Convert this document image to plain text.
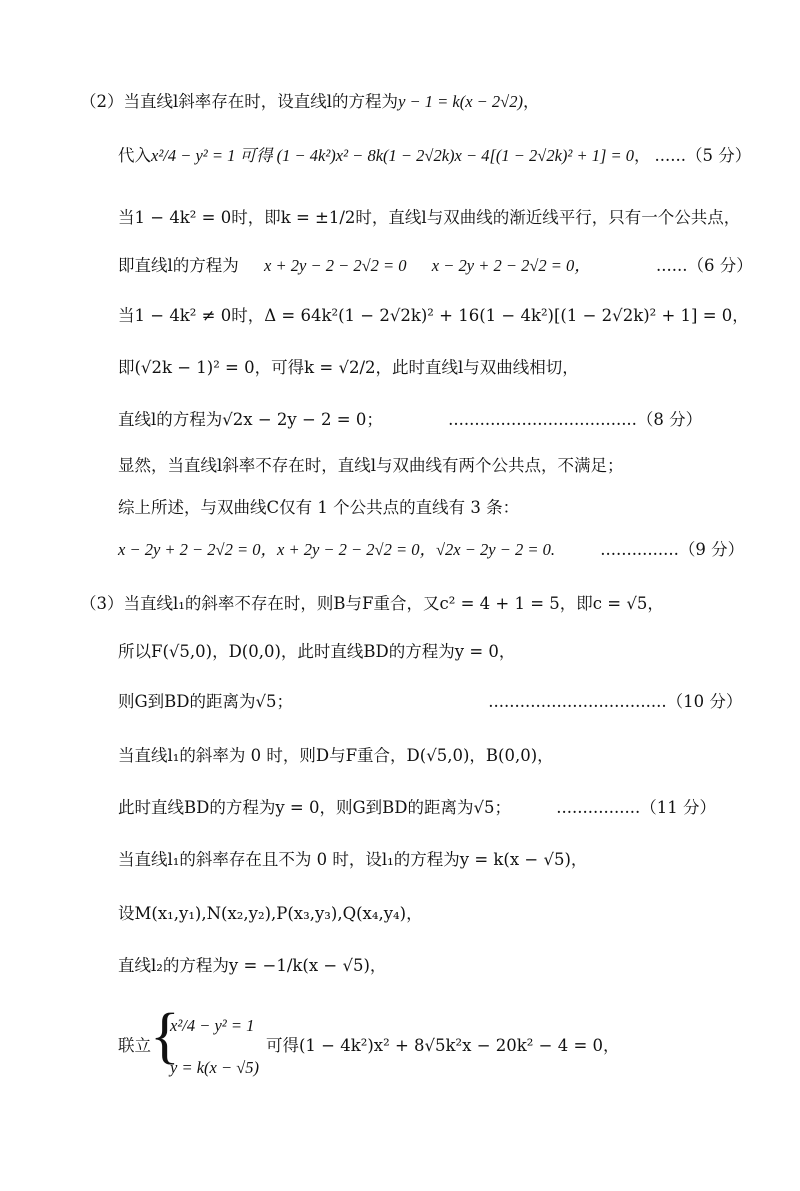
（2）当直线l斜率存在时，设直线l的方程为y − 1 = k(x − 2√2)，
代入x²/4 − y² = 1 可得 (1 − 4k²)x² − 8k(1 − 2√2k)x − 4[(1 − 2√2k)² + 1] = 0， ......（5 分）
当1 − 4k² = 0时，即k = ±1/2时，直线l与双曲线的渐近线平行，只有一个公共点，
即直线l的方程为 x + 2y − 2 − 2√2 = 0 x − 2y + 2 − 2√2 = 0，	......（6 分）
当1 − 4k² ≠ 0时，Δ = 64k²(1 − 2√2k)² + 16(1 − 4k²)[(1 − 2√2k)² + 1] = 0，
即(√2k − 1)² = 0，可得k = √2/2，此时直线l与双曲线相切，
直线l的方程为√2x − 2y − 2 = 0；	....................................（8 分）
显然，当直线l斜率不存在时，直线l与双曲线有两个公共点，不满足；
综上所述，与双曲线C仅有 1 个公共点的直线有 3 条：
x − 2y + 2 − 2√2 = 0，x + 2y − 2 − 2√2 = 0，√2x − 2y − 2 = 0.	...............（9 分）
（3）当直线l₁的斜率不存在时，则B与F重合，又c² = 4 + 1 = 5，即c = √5，
所以F(√5,0)，D(0,0)，此时直线BD的方程为y = 0，
则G到BD的距离为√5；	..................................（10 分）
当直线l₁的斜率为 0 时，则D与F重合，D(√5,0)，B(0,0)，
此时直线BD的方程为y = 0，则G到BD的距离为√5；	................（11 分）
当直线l₁的斜率存在且不为 0 时，设l₁的方程为y = k(x − √5)，
设M(x₁,y₁),N(x₂,y₂),P(x₃,y₃),Q(x₄,y₄)，
直线l₂的方程为y = −1/k(x − √5)，
联立 {
x²/4 − y² = 1
y = k(x − √5)
可得(1 − 4k²)x² + 8√5k²x − 20k² − 4 = 0，
